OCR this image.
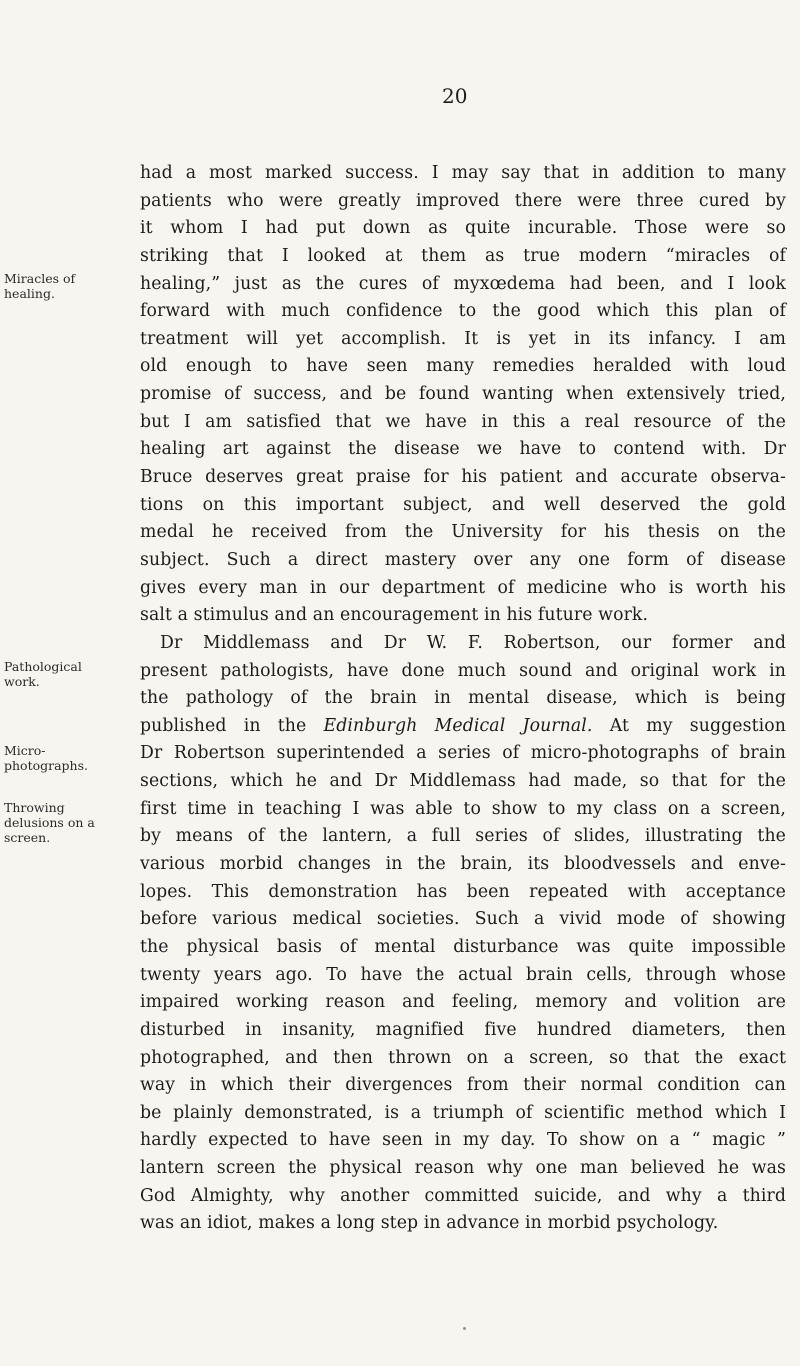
20
Miracles of
healing.
Pathological
work.
Micro-
photographs.
Throwing
delusions on a
screen.
had a most marked success. I may say that in addition to many
patients who were greatly improved there were three cured by
it whom I had put down as quite incurable. Those were so
striking that I looked at them as true modern “miracles of
healing,” just as the cures of myxœdema had been, and I look
forward with much confidence to the good which this plan of
treatment will yet accomplish. It is yet in its infancy. I am
old enough to have seen many remedies heralded with loud
promise of success, and be found wanting when extensively tried,
but I am satisfied that we have in this a real resource of the
healing art against the disease we have to contend with. Dr
Bruce deserves great praise for his patient and accurate observa-
tions on this important subject, and well deserved the gold
medal he received from the University for his thesis on the
subject. Such a direct mastery over any one form of disease
gives every man in our department of medicine who is worth his
salt a stimulus and an encouragement in his future work.
Dr Middlemass and Dr W. F. Robertson, our former and
present pathologists, have done much sound and original work in
the pathology of the brain in mental disease, which is being
published in the Edinburgh Medical Journal. At my suggestion
Dr Robertson superintended a series of micro-photographs of brain
sections, which he and Dr Middlemass had made, so that for the
first time in teaching I was able to show to my class on a screen,
by means of the lantern, a full series of slides, illustrating the
various morbid changes in the brain, its bloodvessels and enve-
lopes. This demonstration has been repeated with acceptance
before various medical societies. Such a vivid mode of showing
the physical basis of mental disturbance was quite impossible
twenty years ago. To have the actual brain cells, through whose
impaired working reason and feeling, memory and volition are
disturbed in insanity, magnified five hundred diameters, then
photographed, and then thrown on a screen, so that the exact
way in which their divergences from their normal condition can
be plainly demonstrated, is a triumph of scientific method which I
hardly expected to have seen in my day. To show on a “ magic ”
lantern screen the physical reason why one man believed he was
God Almighty, why another committed suicide, and why a third
was an idiot, makes a long step in advance in morbid psychology.
